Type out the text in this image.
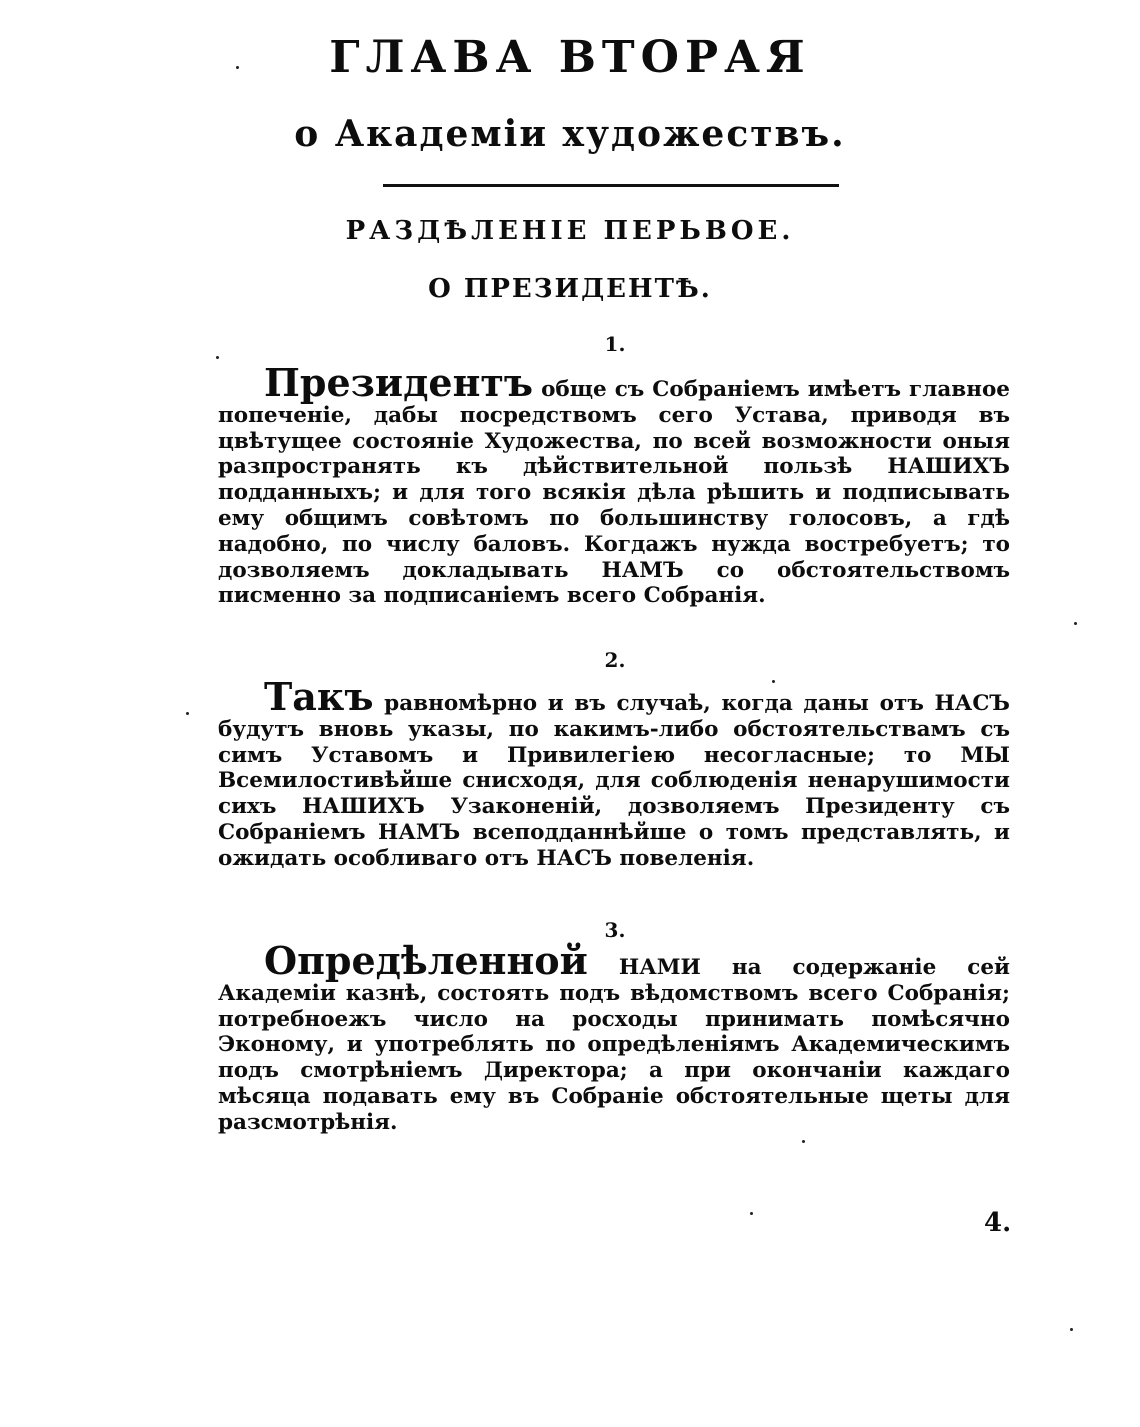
ГЛАВА ВТОРАЯ
о Академіи художествъ.
РАЗДѢЛЕНІЕ ПЕРЬВОЕ.
О ПРЕЗИДЕНТѢ.
1.
Президентъ обще съ Собраніемъ имѣетъ главное попеченіе, дабы посредствомъ сего Устава, приводя въ цвѣтущее состояніе Художества, по всей возможности оныя разпространять къ дѣйствительной пользѣ НАШИХЪ подданныхъ; и для того всякія дѣла рѣшить и подписывать ему общимъ совѣтомъ по большинству голосовъ, а гдѣ надобно, по числу баловъ. Когдажъ нужда востребуетъ; то дозволяемъ докладывать НАМЪ со обстоятельствомъ писменно за подписаніемъ всего Собранія.
2.
Такъ равномѣрно и въ случаѣ, когда даны отъ НАСЪ будутъ вновь указы, по какимъ-либо обстоятельствамъ съ симъ Уставомъ и Привилегіею несогласные; то МЫ Всемилостивѣйше снисходя, для соблюденія ненарушимости сихъ НАШИХЪ Узаконеній, дозволяемъ Президенту съ Собраніемъ НАМЪ всеподданнѣйше о томъ представлять, и ожидать особливаго отъ НАСЪ повеленія.
3.
Опредѣленной НАМИ на содержаніе сей Академіи казнѣ, состоять подъ вѣдомствомъ всего Собранія; потребноежъ число на росходы принимать помѣсячно Эконому, и употреблять по опредѣленіямъ Академическимъ подъ смотрѣніемъ Директора; а при окончаніи каждаго мѣсяца подавать ему въ Собраніе обстоятельные щеты для разсмотрѣнія.
4.
